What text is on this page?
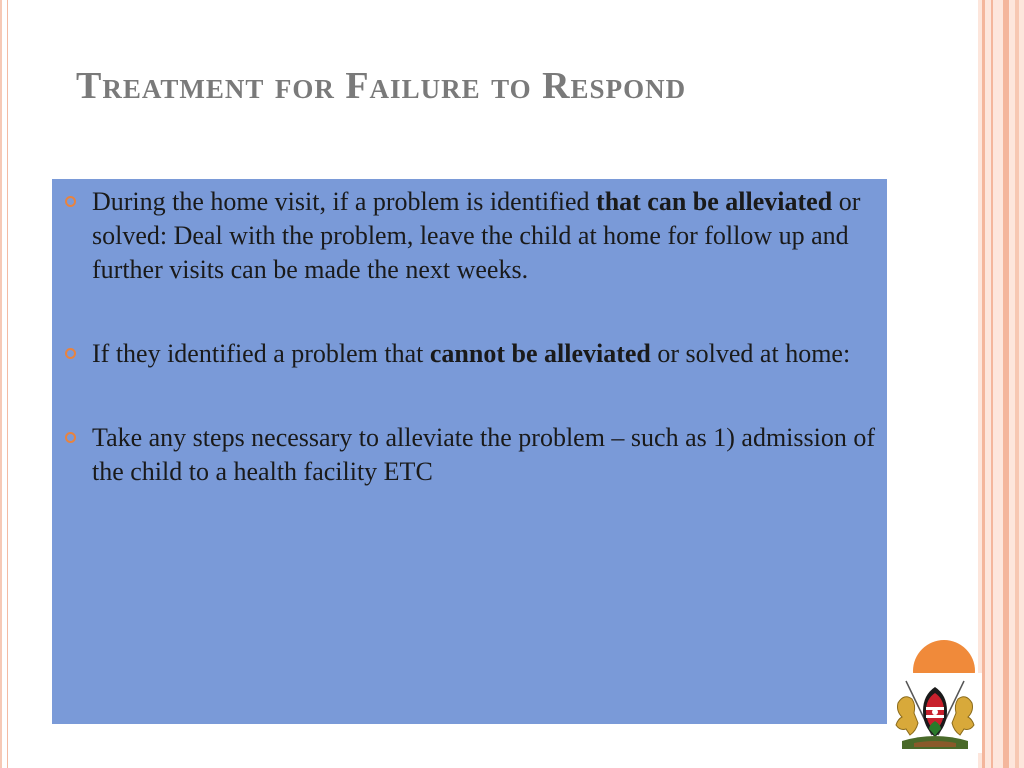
Treatment for Failure to Respond
During the home visit, if a problem is identified that can be alleviated or solved: Deal with the problem, leave the child at home for follow up and further visits can be made the next weeks.
If they identified a problem that cannot be alleviated or solved at home:
Take any steps necessary to alleviate the problem – such as 1) admission of the child to a health facility ETC
